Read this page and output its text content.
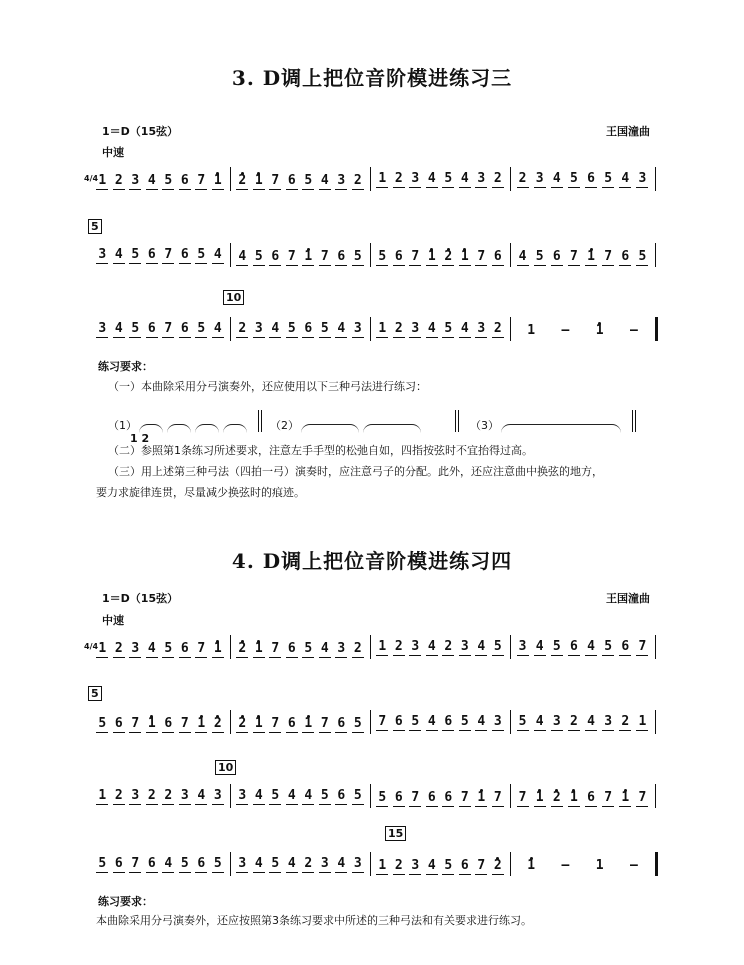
3. D调上把位音阶模进练习三
1＝D（15弦）	王国潼曲
中速
4/4 1 2 3 4 5 6 7 1 2 1 7 6 5 4 3 2 1 2 3 4 5 4 3 2 2 3 4 5 6 5 4 3
5
3 4 5 6 7 6 5 4 4 5 6 7 1 7 6 5 5 6 7 1 2 1 7 6 4 5 6 7 1 7 6 5
10
3 4 5 6 7 6 5 4 2 3 4 5 6 5 4 3 1 2 3 4 5 4 3 2 1 – 1 –
练习要求：
（一）本曲除采用分弓演奏外，还应使用以下三种弓法进行练习：
（1）	（2）	（3）
1 2
（二）参照第1条练习所述要求，注意左手手型的松弛自如，四指按弦时不宜抬得过高。
（三）用上述第三种弓法（四拍一弓）演奏时，应注意弓子的分配。此外，还应注意曲中换弦的地方，
要力求旋律连贯，尽量减少换弦时的痕迹。
4. D调上把位音阶模进练习四
1＝D（15弦）	王国潼曲
中速
4/4 1 2 3 4 5 6 7 1 2 1 7 6 5 4 3 2 1 2 3 4 2 3 4 5 3 4 5 6 4 5 6 7
5
5 6 7 1 6 7 1 2 2 1 7 6 1 7 6 5 7 6 5 4 6 5 4 3 5 4 3 2 4 3 2 1
10
1 2 3 2 2 3 4 3 3 4 5 4 4 5 6 5 5 6 7 6 6 7 1 7 7 1 2 1 6 7 1 7
15
5 6 7 6 4 5 6 5 3 4 5 4 2 3 4 3 1 2 3 4 5 6 7 2 1 – 1 –
练习要求：
本曲除采用分弓演奏外，还应按照第3条练习要求中所述的三种弓法和有关要求进行练习。
